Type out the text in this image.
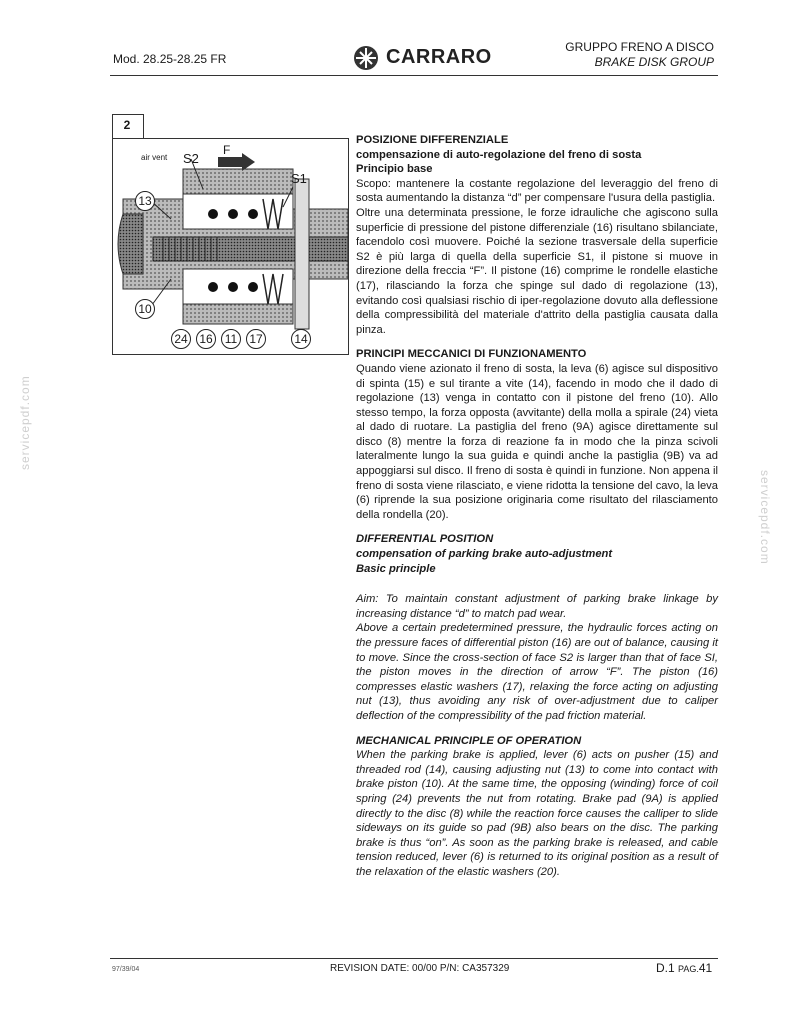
Mod. 28.25-28.25 FR	CARRARO	GRUPPO FRENO A DISCO
BRAKE DISK GROUP
2
air vent S2
F
S1
13
10
24 16	11	17	14

POSIZIONE DIFFERENZIALE

compensazione di auto-regolazione del freno di sosta

Principio base

Scopo: mantenere la costante regolazione del leveraggio del freno di sosta aumentando la distanza “d” per compensare l'usura della pastiglia.

Oltre una determinata pressione, le forze idrauliche che agiscono sulla superficie di pressione del pistone differenziale (16) risultano sbilanciate, facendolo così muovere. Poiché la sezione trasversale della superficie S2 è più larga di quella della superficie S1, il pistone si muove in direzione della freccia “F”. Il pistone (16) comprime le rondelle elastiche (17), rilasciando la forza che spinge sul dado di regolazione (13), evitando così qualsiasi rischio di iper-regolazione dovuto alla deflessione della compressibilità del materiale d'attrito della pastiglia causata dalla pinza.

PRINCIPI MECCANICI DI FUNZIONAMENTO

Quando viene azionato il freno di sosta, la leva (6) agisce sul dispositivo di spinta (15) e sul tirante a vite (14), facendo in modo che il dado di regolazione (13) venga in contatto con il pistone del freno (10). Allo stesso tempo, la forza opposta (avvitante) della molla a spirale (24) vieta al dado di ruotare. La pastiglia del freno (9A) agisce direttamente sul disco (8) mentre la forza di reazione fa in modo che la pinza scivoli lateralmente lungo la sua guida e quindi anche la pastiglia (9B) va ad appoggiarsi sul disco. Il freno di sosta è quindi in funzione. Non appena il freno di sosta viene rilasciato, e viene ridotta la tensione del cavo, la leva (6) riprende la sua posizione originaria come risultato del rilasciamento della rondella (20).

DIFFERENTIAL POSITION

compensation of parking brake auto-adjustment

Basic principle

Aim: To maintain constant adjustment of parking brake linkage by increasing distance “d” to match pad wear.

Above a certain predetermined pressure, the hydraulic forces acting on the pressure faces of differential piston (16) are out of balance, causing it to move. Since the cross-section of face S2 is larger than that of face SI, the piston moves in the direction of arrow “F”. The piston (16) compresses elastic washers (17), relaxing the force acting on adjusting nut (13), thus avoiding any risk of over-adjustment due to caliper deflection of the compressibility of the pad friction material.

MECHANICAL PRINCIPLE OF OPERATION

When the parking brake is applied, lever (6) acts on pusher (15) and threaded rod (14), causing adjusting nut (13) to come into contact with brake piston (10). At the same time, the opposing (winding) force of coil spring (24) prevents the nut from rotating. Brake pad (9A) is applied directly to the disc (8) while the reaction force causes the calliper to slide sideways on its guide so pad (9B) also bears on the disc. The parking brake is thus “on”. As soon as the parking brake is released, and cable tension reduced, lever (6) is returned to its original position as a result of the relaxation of the elastic washers (20).

servicepdf.com
servicepdf.com
97/39/04	REVISION DATE: 00/00 P/N: CA357329	D.1 PAG.41
